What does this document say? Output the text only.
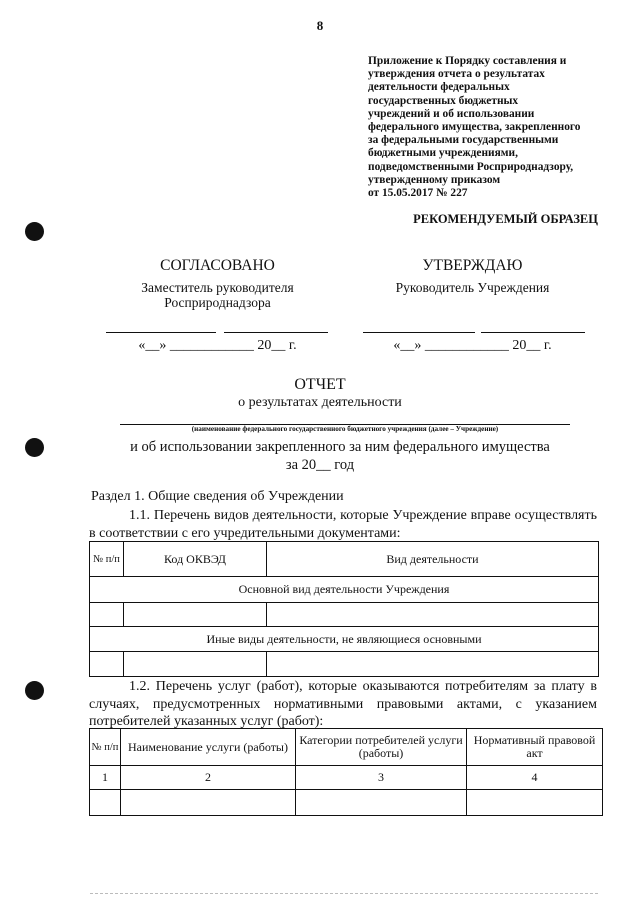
8
Приложение к Порядку составления и
утверждения отчета о результатах
деятельности федеральных
государственных бюджетных
учреждений и об использовании
федерального имущества, закрепленного
за федеральными государственными
бюджетными учреждениями,
подведомственными Росприроднадзору,
утвержденному приказом
от 15.05.2017 № 227
РЕКОМЕНДУЕМЫЙ ОБРАЗЕЦ
СОГЛАСОВАНО	УТВЕРЖДАЮ
Заместитель руководителя
Росприроднадзора
Руководитель Учреждения
«__» ____________ 20__ г.	«__» ____________ 20__ г.
ОТЧЕТ
о результатах деятельности
(наименование федерального государственного бюджетного учреждения (далее – Учреждение)
и об использовании закрепленного за ним федерального имущества
за 20__ год
Раздел 1. Общие сведения об Учреждении
1.1. Перечень видов деятельности, которые Учреждение вправе осуществлять в соответствии с его учредительными документами:
№ п/п	Код ОКВЭД	Вид деятельности
Основной вид деятельности Учреждения		

Иные виды деятельности, не являющиеся основными		

1.2. Перечень услуг (работ), которые оказываются потребителям за плату в случаях, предусмотренных нормативными правовыми актами, с указанием потребителей указанных услуг (работ):
№ п/п	Наименование услуги (работы)	Категории потребителей услуги (работы)	Нормативный правовой акт
1	2	3	4
